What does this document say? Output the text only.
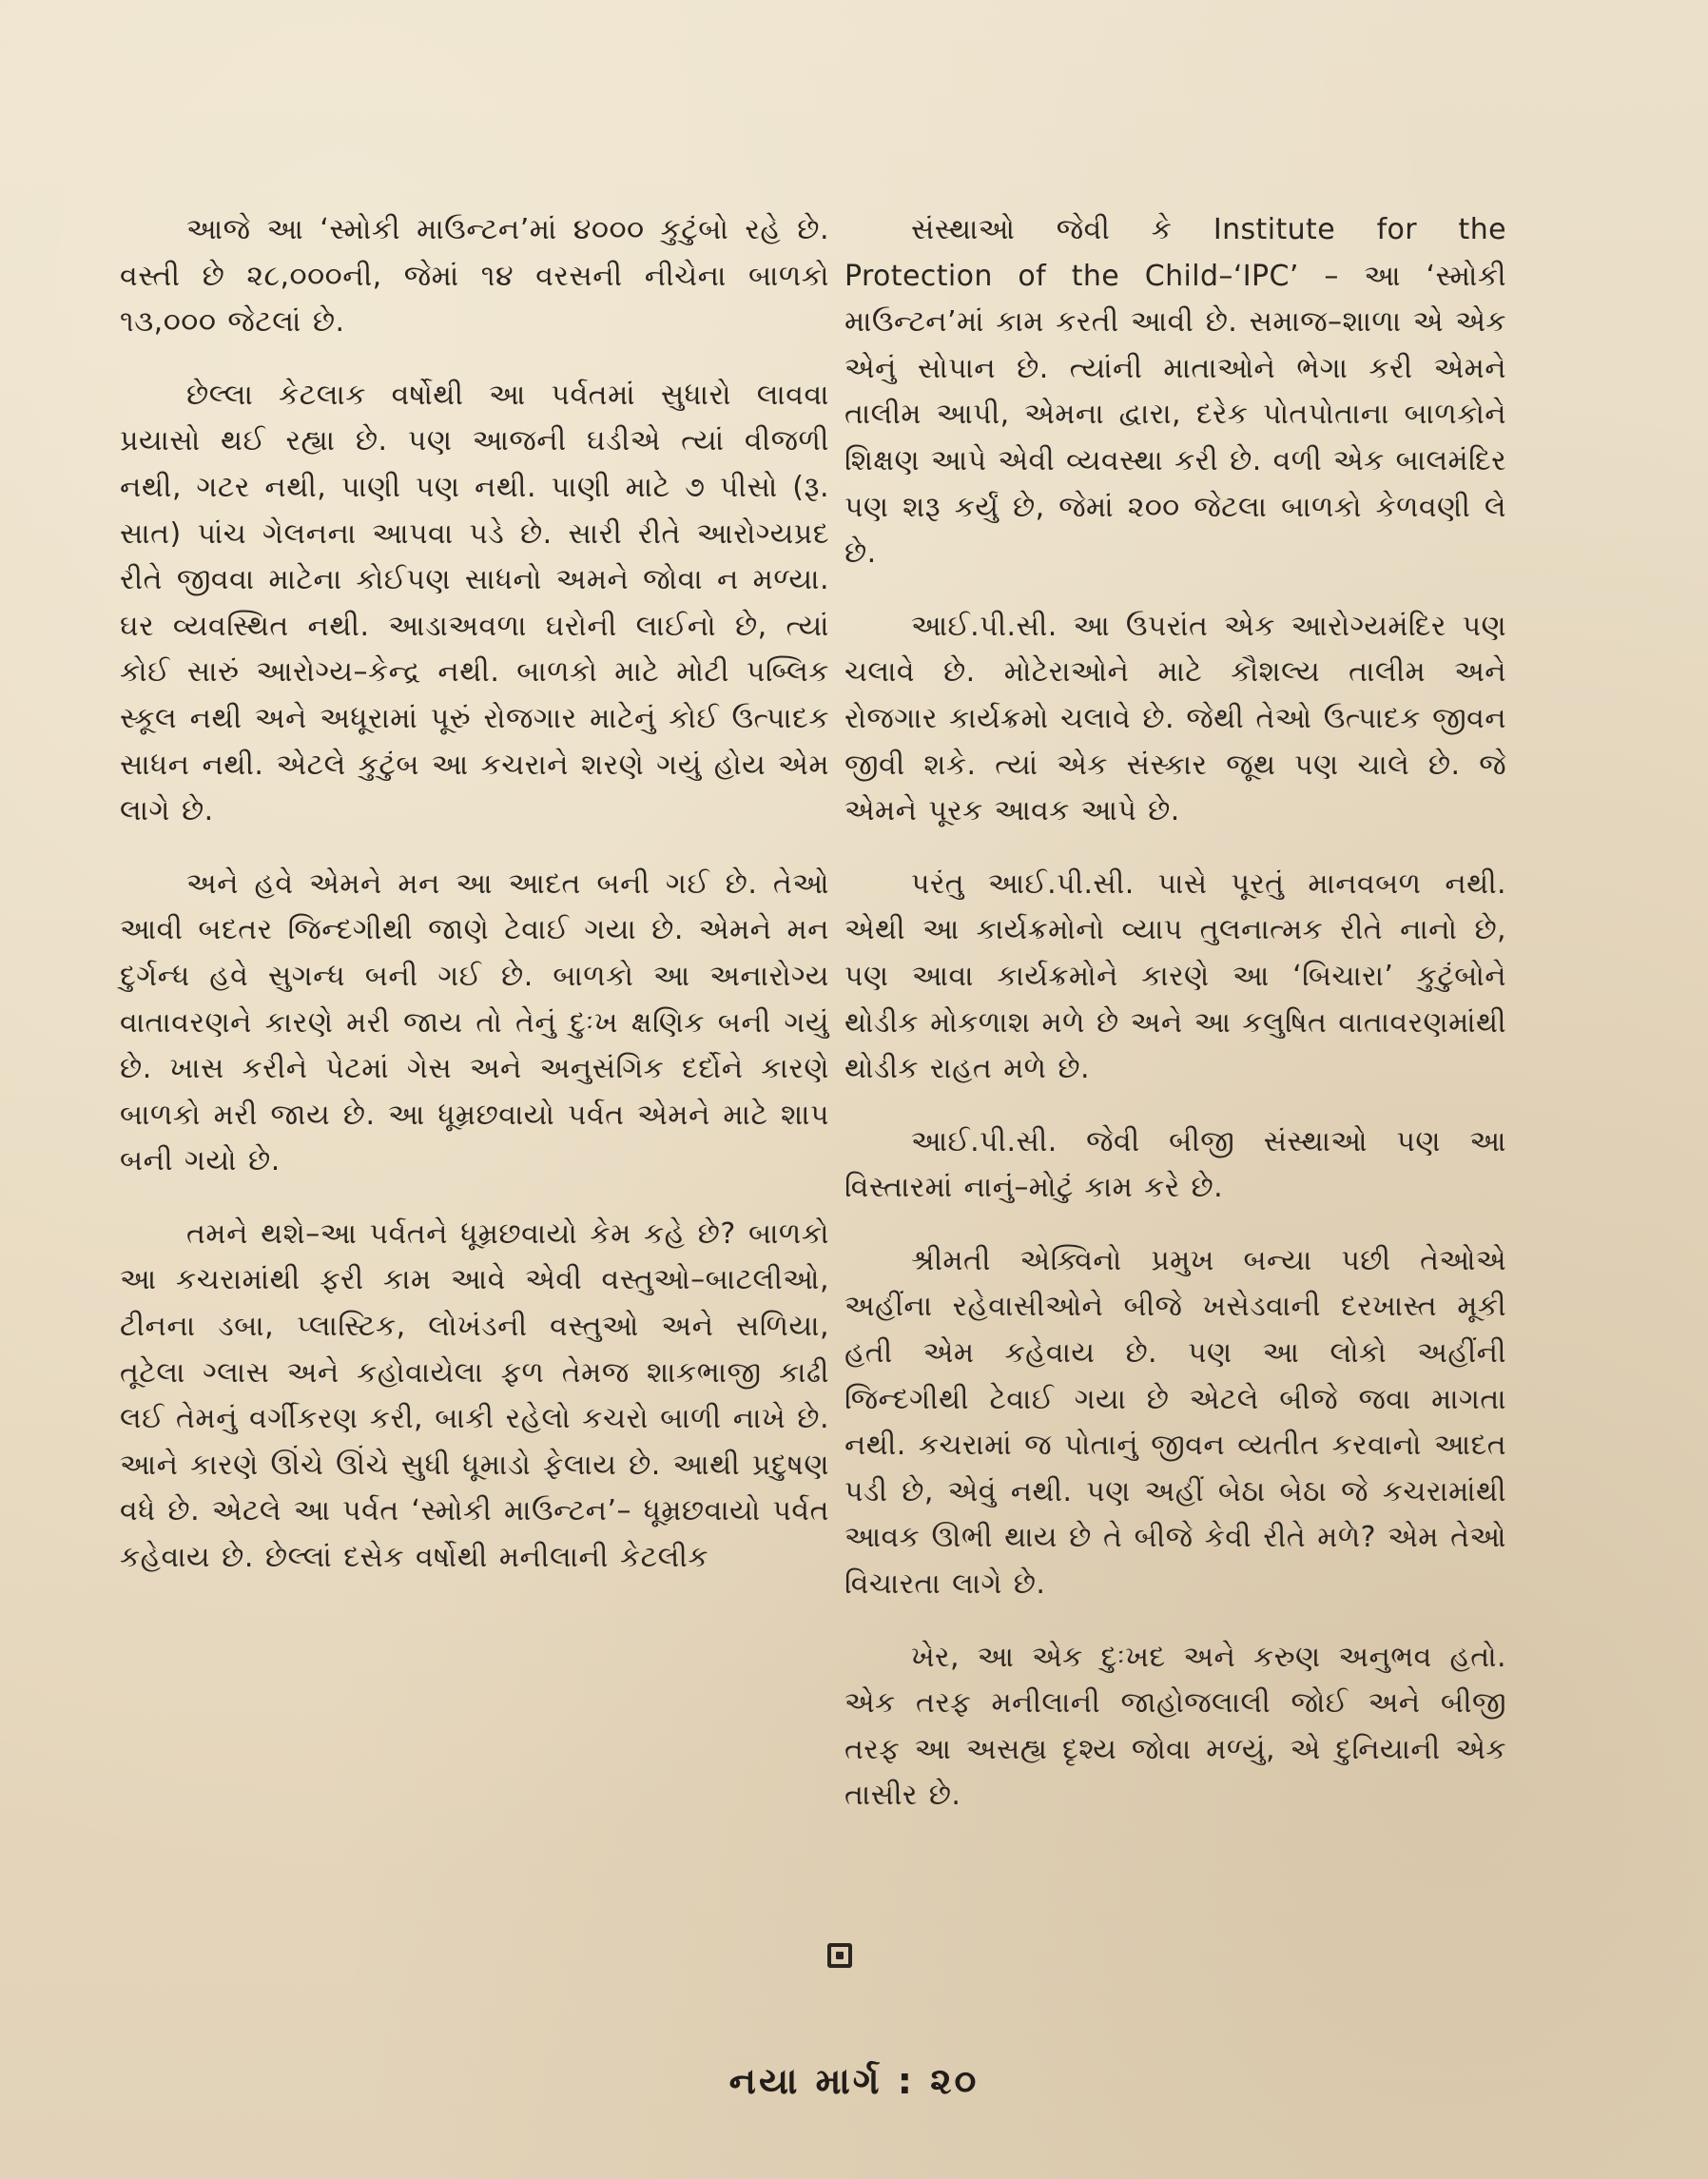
આજે આ ‘સ્મોકી માઉન્ટન’માં ૪૦૦૦ કુટુંબો રહે છે. વસ્તી છે ૨૮,૦૦૦ની, જેમાં ૧૪ વરસની નીચેના બાળકો ૧૩,૦૦૦ જેટલાં છે.

છેલ્લા કેટલાક વર્ષોથી આ પર્વતમાં સુધારો લાવવા પ્રયાસો થઈ રહ્યા છે. પણ આજની ઘડીએ ત્યાં વીજળી નથી, ગટર નથી, પાણી પણ નથી. પાણી માટે ૭ પીસો (રૂ. સાત) પાંચ ગેલનના આપવા પડે છે. સારી રીતે આરોગ્યપ્રદ રીતે જીવવા માટેના કોઈપણ સાધનો અમને જોવા ન મળ્યા. ઘર વ્યવસ્થિત નથી. આડાઅવળા ઘરોની લાઈનો છે, ત્યાં કોઈ સારું આરોગ્ય–કેન્દ્ર નથી. બાળકો માટે મોટી પબ્લિક સ્કૂલ નથી અને અધૂરામાં પૂરું રોજગાર માટેનું કોઈ ઉત્પાદક સાધન નથી. એટલે કુટુંબ આ કચરાને શરણે ગયું હોય એમ લાગે છે.

અને હવે એમને મન આ આદત બની ગઈ છે. તેઓ આવી બદતર જિન્દગીથી જાણે ટેવાઈ ગયા છે. એમને મન દુર્ગન્ધ હવે સુગન્ધ બની ગઈ છે. બાળકો આ અનારોગ્ય વાતાવરણને કારણે મરી જાય તો તેનું દુઃખ ક્ષણિક બની ગયું છે. ખાસ કરીને પેટમાં ગેસ અને અનુસંગિક દર્દોને કારણે બાળકો મરી જાય છે. આ ધૂમ્રછવાયો પર્વત એમને માટે શાપ બની ગયો છે.

તમને થશે–આ પર્વતને ધૂમ્રછવાયો કેમ કહે છે? બાળકો આ કચરામાંથી ફરી કામ આવે એવી વસ્તુઓ–બાટલીઓ, ટીનના ડબા, પ્લાસ્ટિક, લોખંડની વસ્તુઓ અને સળિયા, તૂટેલા ગ્લાસ અને કહોવાયેલા ફળ તેમજ શાકભાજી કાઢી લઈ તેમનું વર્ગીકરણ કરી, બાકી રહેલો કચરો બાળી નાખે છે. આને કારણે ઊંચે ઊંચે સુધી ધૂમાડો ફેલાય છે. આથી પ્રદુષણ વધે છે. એટલે આ પર્વત ‘સ્મોકી માઉન્ટન’– ધૂમ્રછવાયો પર્વત કહેવાય છે. છેલ્લાં દસેક વર્ષોથી મનીલાની કેટલીક

સંસ્થાઓ જેવી કે Institute for the Protection of the Child–‘IPC’ – આ ‘સ્મોકી માઉન્ટન’માં કામ કરતી આવી છે. સમાજ–શાળા એ એક એનું સોપાન છે. ત્યાંની માતાઓને ભેગા કરી એમને તાલીમ આપી, એમના દ્વારા, દરેક પોતપોતાના બાળકોને શિક્ષણ આપે એવી વ્યવસ્થા કરી છે. વળી એક બાલમંદિર પણ શરૂ કર્યું છે, જેમાં ૨૦૦ જેટલા બાળકો કેળવણી લે છે.

આઈ.પી.સી. આ ઉપરાંત એક આરોગ્યમંદિર પણ ચલાવે છે. મોટેરાઓને માટે કૌશલ્ય તાલીમ અને રોજગાર કાર્યક્રમો ચલાવે છે. જેથી તેઓ ઉત્પાદક જીવન જીવી શકે. ત્યાં એક સંસ્કાર જૂથ પણ ચાલે છે. જે એમને પૂરક આવક આપે છે.

પરંતુ આઈ.પી.સી. પાસે પૂરતું માનવબળ નથી. એથી આ કાર્યક્રમોનો વ્યાપ તુલનાત્મક રીતે નાનો છે, પણ આવા કાર્યક્રમોને કારણે આ ‘બિચારા’ કુટુંબોને થોડીક મોકળાશ મળે છે અને આ કલુષિત વાતાવરણમાંથી થોડીક રાહત મળે છે.

આઈ.પી.સી. જેવી બીજી સંસ્થાઓ પણ આ વિસ્તારમાં નાનું–મોટું કામ કરે છે.

શ્રીમતી એક્વિનો પ્રમુખ બન્યા પછી તેઓએ અહીંના રહેવાસીઓને બીજે ખસેડવાની દરખાસ્ત મૂકી હતી એમ કહેવાય છે. પણ આ લોકો અહીંની જિન્દગીથી ટેવાઈ ગયા છે એટલે બીજે જવા માગતા નથી. કચરામાં જ પોતાનું જીવન વ્યતીત કરવાનો આદત પડી છે, એવું નથી. પણ અહીં બેઠા બેઠા જે કચરામાંથી આવક ઊભી થાય છે તે બીજે કેવી રીતે મળે? એમ તેઓ વિચારતા લાગે છે.

ખેર, આ એક દુઃખદ અને કરુણ અનુભવ હતો. એક તરફ મનીલાની જાહોજલાલી જોઈ અને બીજી તરફ આ અસહ્ય દૃશ્ય જોવા મળ્યું, એ દુનિયાની એક તાસીર છે.

નયા માર્ગ : ૨૦
